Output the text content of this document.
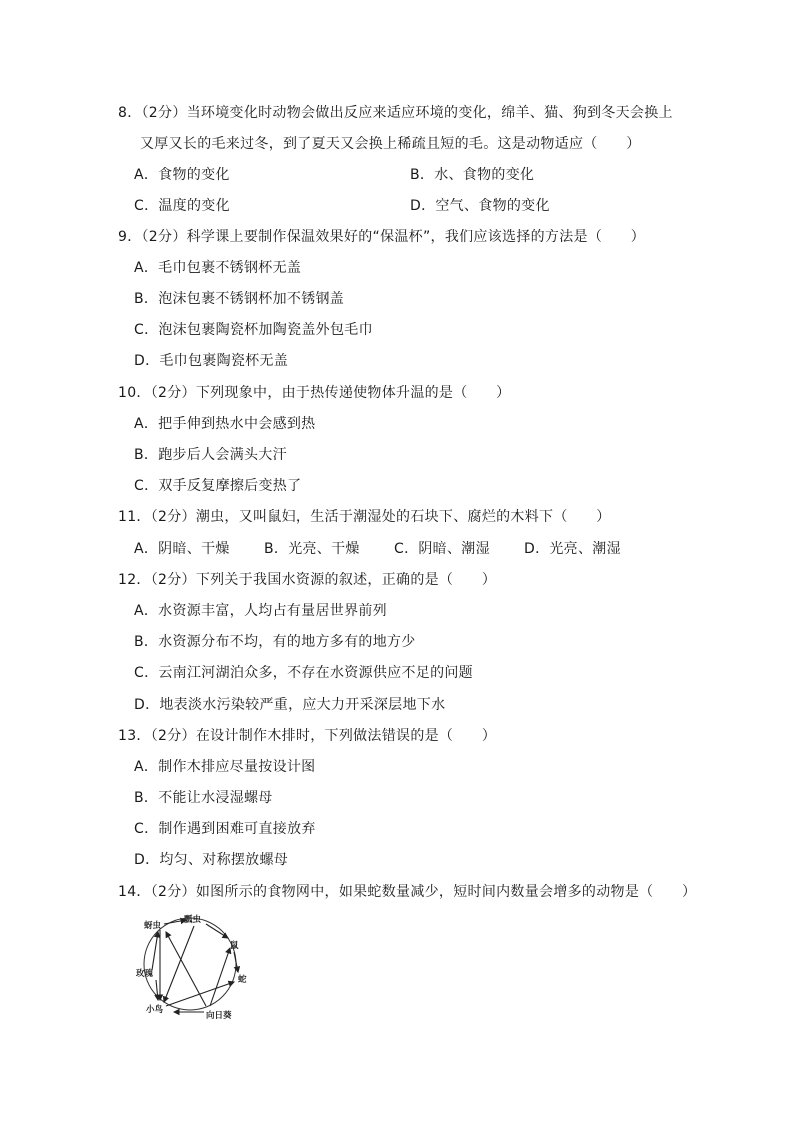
8．（2分）当环境变化时动物会做出反应来适应环境的变化，绵羊、猫、狗到冬天会换上
又厚又长的毛来过冬，到了夏天又会换上稀疏且短的毛。这是动物适应（　　）
A．食物的变化	B．水、食物的变化
C．温度的变化	D．空气、食物的变化
9．（2分）科学课上要制作保温效果好的“保温杯”，我们应该选择的方法是（　　）
A．毛巾包裹不锈钢杯无盖
B．泡沫包裹不锈钢杯加不锈钢盖
C．泡沫包裹陶瓷杯加陶瓷盖外包毛巾
D．毛巾包裹陶瓷杯无盖
10．（2分）下列现象中，由于热传递使物体升温的是（　　）
A．把手伸到热水中会感到热
B．跑步后人会满头大汗
C．双手反复摩擦后变热了
11．（2分）潮虫，又叫鼠妇，生活于潮湿处的石块下、腐烂的木料下（　　）
A．阴暗、干燥	B．光亮、干燥	C．阴暗、潮湿	D．光亮、潮湿
12．（2分）下列关于我国水资源的叙述，正确的是（　　）
A．水资源丰富，人均占有量居世界前列
B．水资源分布不均，有的地方多有的地方少
C．云南江河湖泊众多，不存在水资源供应不足的问题
D．地表淡水污染较严重，应大力开采深层地下水
13．（2分）在设计制作木排时，下列做法错误的是（　　）
A．制作木排应尽量按设计图
B．不能让水浸湿螺母
C．制作遇到困难可直接放弃
D．均匀、对称摆放螺母
14．（2分）如图所示的食物网中，如果蛇数量减少，短时间内数量会增多的动物是（　　）
瓢虫
蚜虫
鼠
玫瑰
蛇
小鸟
向日葵
